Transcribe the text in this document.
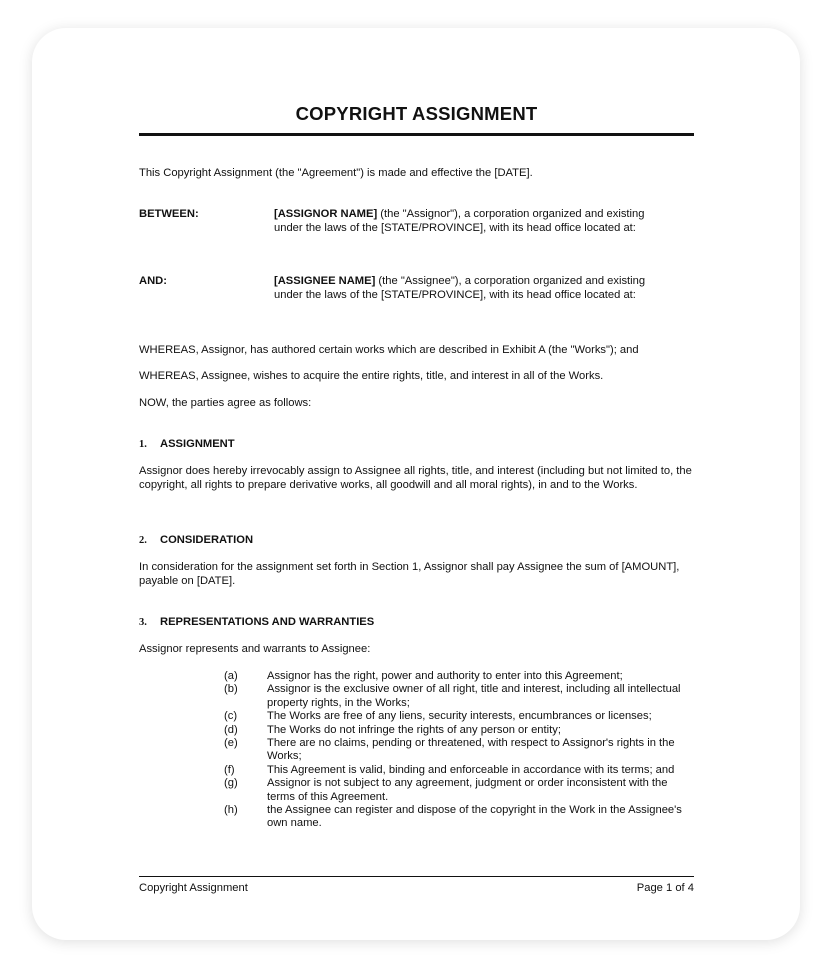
COPYRIGHT ASSIGNMENT
This Copyright Assignment (the "Agreement") is made and effective the [DATE].
BETWEEN:	[ASSIGNOR NAME] (the "Assignor"), a corporation organized and existing under the laws of the [STATE/PROVINCE], with its head office located at:
AND:	[ASSIGNEE NAME] (the "Assignee"), a corporation organized and existing under the laws of the [STATE/PROVINCE], with its head office located at:
WHEREAS, Assignor, has authored certain works which are described in Exhibit A (the "Works"); and
WHEREAS, Assignee, wishes to acquire the entire rights, title, and interest in all of the Works.
NOW, the parties agree as follows:
1. ASSIGNMENT
Assignor does hereby irrevocably assign to Assignee all rights, title, and interest (including but not limited to, the copyright, all rights to prepare derivative works, all goodwill and all moral rights), in and to the Works.
2. CONSIDERATION
In consideration for the assignment set forth in Section 1, Assignor shall pay Assignee the sum of [AMOUNT], payable on [DATE].
3. REPRESENTATIONS AND WARRANTIES
Assignor represents and warrants to Assignee:
(a)	Assignor has the right, power and authority to enter into this Agreement;
(b)	Assignor is the exclusive owner of all right, title and interest, including all intellectual property rights, in the Works;
(c)	The Works are free of any liens, security interests, encumbrances or licenses;
(d)	The Works do not infringe the rights of any person or entity;
(e)	There are no claims, pending or threatened, with respect to Assignor's rights in the Works;
(f)	This Agreement is valid, binding and enforceable in accordance with its terms; and
(g)	Assignor is not subject to any agreement, judgment or order inconsistent with the terms of this Agreement.
(h)	the Assignee can register and dispose of the copyright in the Work in the Assignee's own name.
Copyright Assignment	Page 1 of 4
